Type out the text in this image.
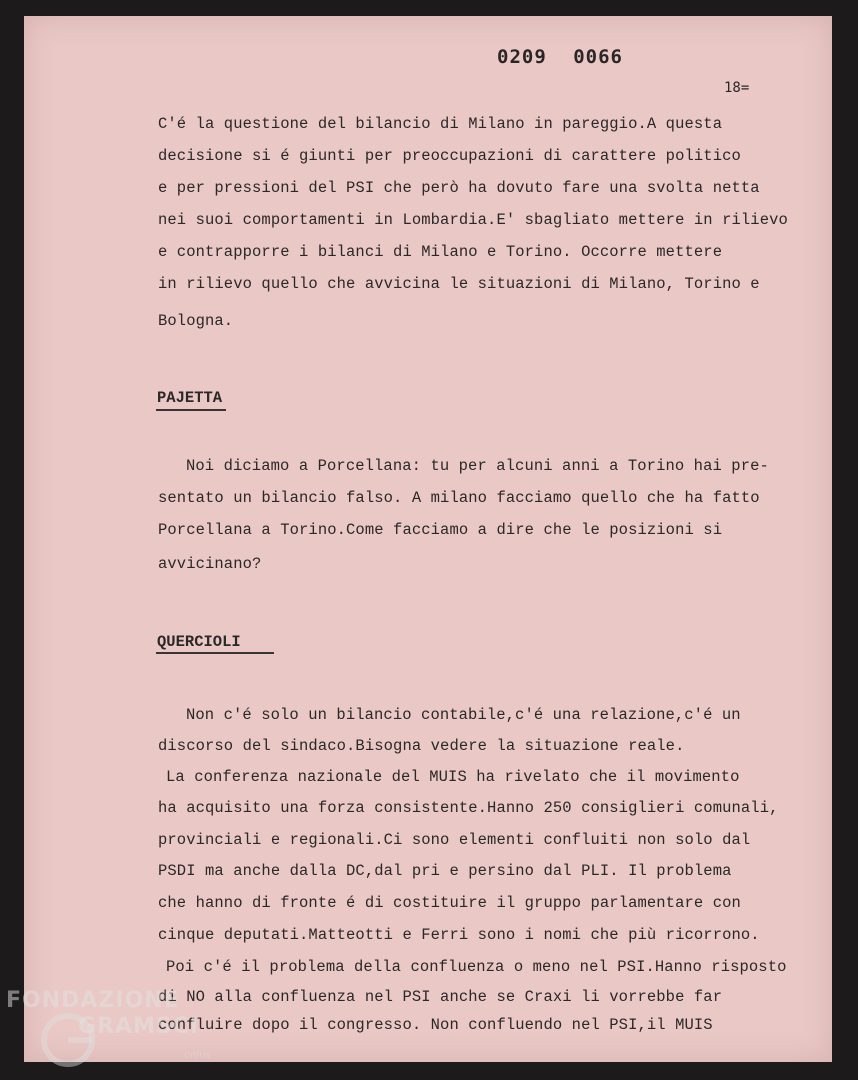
0209 0066
18=

C'é la questione del bilancio di Milano in pareggio.A questa

decisione si é giunti per preoccupazioni di carattere politico

e per pressioni del PSI che però ha dovuto fare una svolta netta

nei suoi comportamenti in Lombardia.E' sbagliato mettere in rilievo

e contrapporre i bilanci di Milano e Torino. Occorre mettere

in rilievo quello che avvicina le situazioni di Milano, Torino e

Bologna.

PAJETTA

Noi diciamo a Porcellana: tu per alcuni anni a Torino hai pre-

sentato un bilancio falso. A milano facciamo quello che ha fatto

Porcellana a Torino.Come facciamo a dire che le posizioni si

avvicinano?

QUERCIOLI

Non c'é solo un bilancio contabile,c'é una relazione,c'é un

discorso del sindaco.Bisogna vedere la situazione reale.

La conferenza nazionale del MUIS ha rivelato che il movimento

ha acquisito una forza consistente.Hanno 250 consiglieri comunali,

provinciali e regionali.Ci sono elementi confluiti non solo dal

PSDI ma anche dalla DC,dal pri e persino dal PLI. Il problema

che hanno di fronte é di costituire il gruppo parlamentare con

cinque deputati.Matteotti e Ferri sono i nomi che più ricorrono.

Poi c'é il problema della confluenza o meno nel PSI.Hanno risposto

di NO alla confluenza nel PSI anche se Craxi li vorrebbe far

confluire dopo il congresso. Non confluendo nel PSI,il MUIS

FONDAZIONE
GRAMSCI
onlus
